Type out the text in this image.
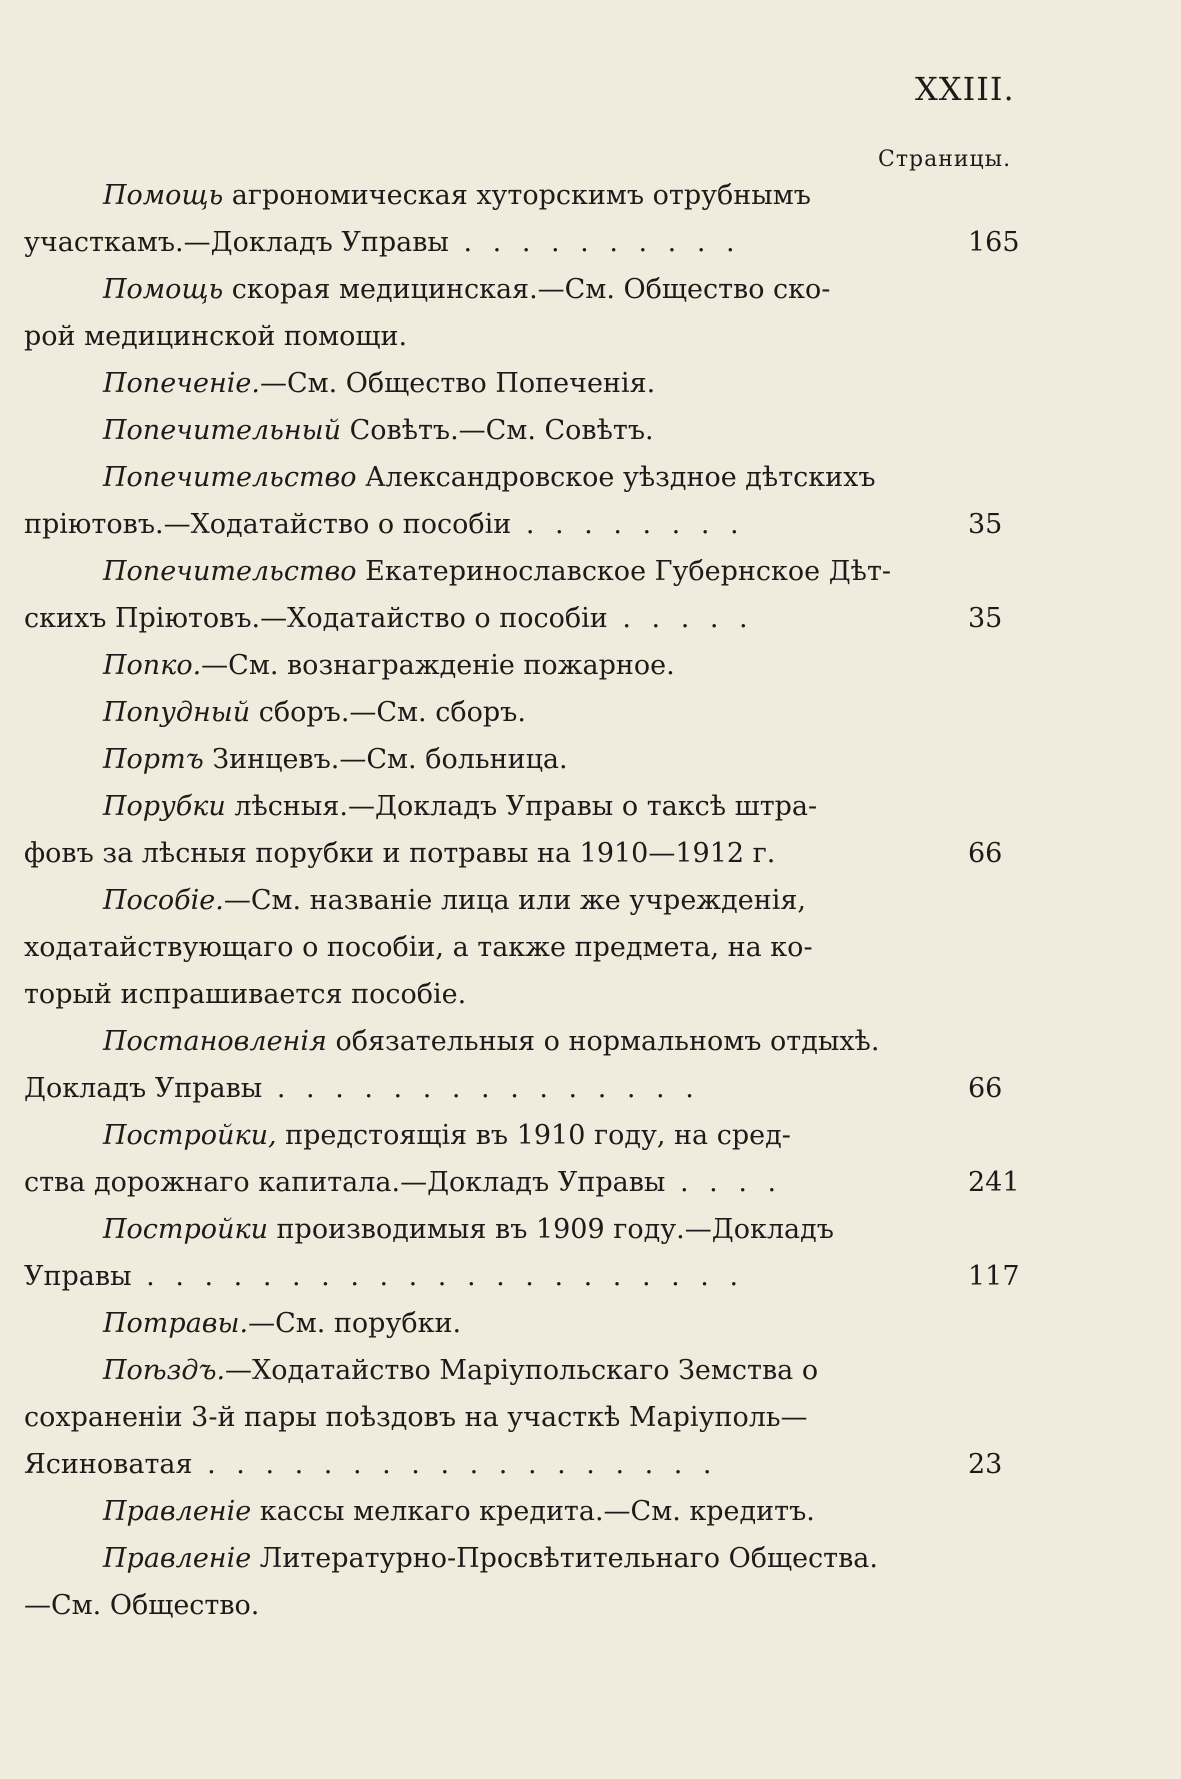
XXIII.
Страницы.
Помощь агрономическая хуторскимъ отрубнымъ
участкамъ.—Докладъ Управы . . . . . . . . . .	165
Помощь скорая медицинская.—См. Общество ско-
рой медицинской помощи.
Попеченіе.—См. Общество Попеченія.
Попечительный Совѣтъ.—См. Совѣтъ.
Попечительство Александровское уѣздное дѣтскихъ
пріютовъ.—Ходатайство о пособіи . . . . . . . .	35
Попечительство Екатеринославское Губернское Дѣт-
скихъ Пріютовъ.—Ходатайство о пособіи . . . . .	35
Попко.—См. вознагражденіе пожарное.
Попудный сборъ.—См. сборъ.
Портъ Зинцевъ.—См. больница.
Порубки лѣсныя.—Докладъ Управы о таксѣ штра-
фовъ за лѣсныя порубки и потравы на 1910—1912 г.	66
Пособіе.—См. названіе лица или же учрежденія,
ходатайствующаго о пособіи, а также предмета, на ко-
торый испрашивается пособіе.
Постановленія обязательныя о нормальномъ отдыхѣ.
Докладъ Управы . . . . . . . . . . . . . . .	66
Постройки, предстоящія въ 1910 году, на сред-
ства дорожнаго капитала.—Докладъ Управы . . . .	241
Постройки производимыя въ 1909 году.—Докладъ
Управы . . . . . . . . . . . . . . . . . . . . .	117
Потравы.—См. порубки.
Поѣздъ.—Ходатайство Маріупольскаго Земства о
сохраненіи 3-й пары поѣздовъ на участкѣ Маріуполь—
Ясиноватая . . . . . . . . . . . . . . . . . .	23
Правленіе кассы мелкаго кредита.—См. кредитъ.
Правленіе Литературно-Просвѣтительнаго Общества.
—См. Общество.
